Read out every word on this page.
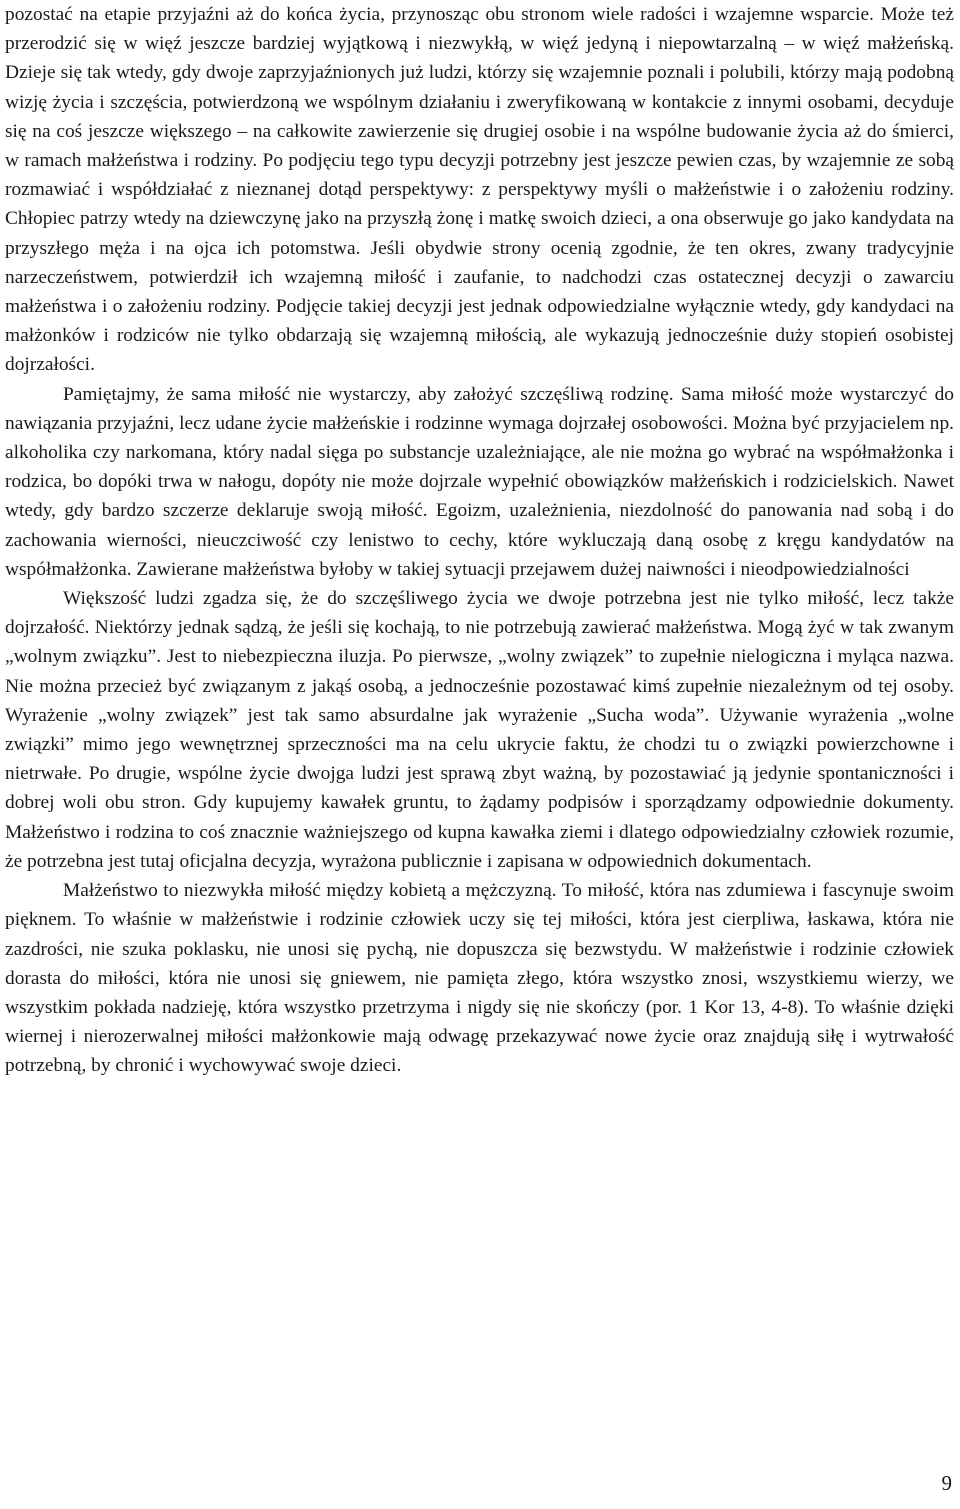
pozostać na etapie przyjaźni aż do końca życia, przynosząc obu stronom wiele radości i wzajemne wsparcie. Może też przerodzić się w więź jeszcze bardziej wyjątkową i niezwykłą, w więź jedyną i niepowtarzalną – w więź małżeńską. Dzieje się tak wtedy, gdy dwoje zaprzyjaźnionych już ludzi, którzy się wzajemnie poznali i polubili, którzy mają podobną wizję życia i szczęścia, potwierdzoną we wspólnym działaniu i zweryfikowaną w kontakcie z innymi osobami, decyduje się na coś jeszcze większego – na całkowite zawierzenie się drugiej osobie i na wspólne budowanie życia aż do śmierci, w ramach małżeństwa i rodziny. Po podjęciu tego typu decyzji potrzebny jest jeszcze pewien czas, by wzajemnie ze sobą rozmawiać i współdziałać z nieznanej dotąd perspektywy: z perspektywy myśli o małżeństwie i o założeniu rodziny. Chłopiec patrzy wtedy na dziewczynę jako na przyszłą żonę i matkę swoich dzieci, a ona obserwuje go jako kandydata na przyszłego męża i na ojca ich potomstwa. Jeśli obydwie strony ocenią zgodnie, że ten okres, zwany tradycyjnie narzeczeństwem, potwierdził ich wzajemną miłość i zaufanie, to nadchodzi czas ostatecznej decyzji o zawarciu małżeństwa i o założeniu rodziny. Podjęcie takiej decyzji jest jednak odpowiedzialne wyłącznie wtedy, gdy kandydaci na małżonków i rodziców nie tylko obdarzają się wzajemną miłością, ale wykazują jednocześnie duży stopień osobistej dojrzałości.

Pamiętajmy, że sama miłość nie wystarczy, aby założyć szczęśliwą rodzinę. Sama miłość może wystarczyć do nawiązania przyjaźni, lecz udane życie małżeńskie i rodzinne wymaga dojrzałej osobowości. Można być przyjacielem np. alkoholika czy narkomana, który nadal sięga po substancje uzależniające, ale nie można go wybrać na współmałżonka i rodzica, bo dopóki trwa w nałogu, dopóty nie może dojrzale wypełnić obowiązków małżeńskich i rodzicielskich. Nawet wtedy, gdy bardzo szczerze deklaruje swoją miłość. Egoizm, uzależnienia, niezdolność do panowania nad sobą i do zachowania wierności, nieuczciwość czy lenistwo to cechy, które wykluczają daną osobę z kręgu kandydatów na współmałżonka. Zawierane małżeństwa byłoby w takiej sytuacji przejawem dużej naiwności i nieodpowiedzialności

Większość ludzi zgadza się, że do szczęśliwego życia we dwoje potrzebna jest nie tylko miłość, lecz także dojrzałość. Niektórzy jednak sądzą, że jeśli się kochają, to nie potrzebują zawierać małżeństwa. Mogą żyć w tak zwanym „wolnym związku”. Jest to niebezpieczna iluzja. Po pierwsze, „wolny związek” to zupełnie nielogiczna i myląca nazwa. Nie można przecież być związanym z jakąś osobą, a jednocześnie pozostawać kimś zupełnie niezależnym od tej osoby. Wyrażenie „wolny związek” jest tak samo absurdalne jak wyrażenie „Sucha woda”. Używanie wyrażenia „wolne związki” mimo jego wewnętrznej sprzeczności ma na celu ukrycie faktu, że chodzi tu o związki powierzchowne i nietrwałe. Po drugie, wspólne życie dwojga ludzi jest sprawą zbyt ważną, by pozostawiać ją jedynie spontaniczności i dobrej woli obu stron. Gdy kupujemy kawałek gruntu, to żądamy podpisów i sporządzamy odpowiednie dokumenty. Małżeństwo i rodzina to coś znacznie ważniejszego od kupna kawałka ziemi i dlatego odpowiedzialny człowiek rozumie, że potrzebna jest tutaj oficjalna decyzja, wyrażona publicznie i zapisana w odpowiednich dokumentach.

Małżeństwo to niezwykła miłość między kobietą a mężczyzną. To miłość, która nas zdumiewa i fascynuje swoim pięknem. To właśnie w małżeństwie i rodzinie człowiek uczy się tej miłości, która jest cierpliwa, łaskawa, która nie zazdrości, nie szuka poklasku, nie unosi się pychą, nie dopuszcza się bezwstydu. W małżeństwie i rodzinie człowiek dorasta do miłości, która nie unosi się gniewem, nie pamięta złego, która wszystko znosi, wszystkiemu wierzy, we wszystkim pokłada nadzieję, która wszystko przetrzyma i nigdy się nie skończy (por. 1 Kor 13, 4-8). To właśnie dzięki wiernej i nierozerwalnej miłości małżonkowie mają odwagę przekazywać nowe życie oraz znajdują siłę i wytrwałość potrzebną, by chronić i wychowywać swoje dzieci.

9
